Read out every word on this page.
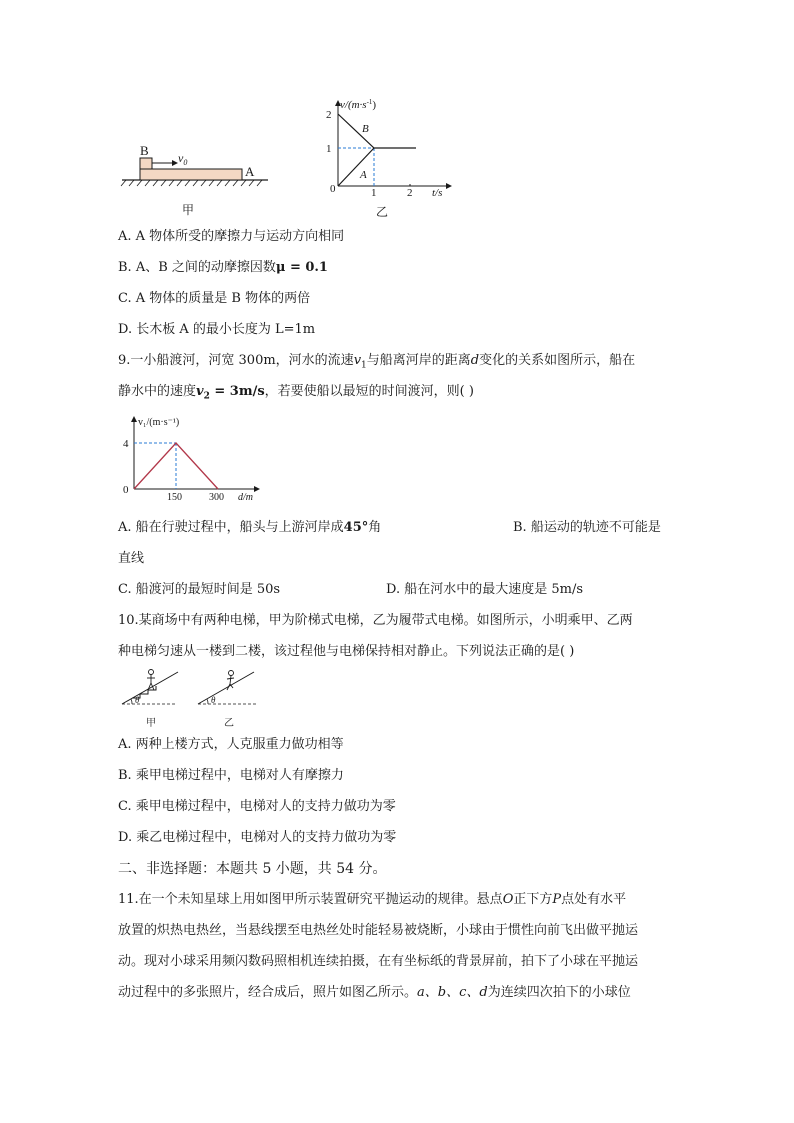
B $v_0$
A
甲
$v/(m\cdot s^{-1})$
2
1
0	1	2 t/s
B
A
乙
A. A 物体所受的摩擦力与运动方向相同
B. A、B 之间的动摩擦因数μ = 0.1
C. A 物体的质量是 B 物体的两倍
D. 长木板 A 的最小长度为 L=1m
9.一小船渡河，河宽 300m，河水的流速$v_1$与船离河岸的距离d变化的关系如图所示，船在
静水中的速度$v_2 = 3m/s$，若要使船以最短的时间渡河，则( )
v₁/(m·s⁻¹)
4
0
150	300 d/m
A. 船在行驶过程中，船头与上游河岸成45°角	B. 船运动的轨迹不可能是
直线
C. 船渡河的最短时间是 50s	D. 船在河水中的最大速度是 5m/s
10.某商场中有两种电梯，甲为阶梯式电梯，乙为履带式电梯。如图所示，小明乘甲、乙两
种电梯匀速从一楼到二楼，该过程他与电梯保持相对静止。下列说法正确的是( )
θ
甲
θ
乙
A. 两种上楼方式，人克服重力做功相等
B. 乘甲电梯过程中，电梯对人有摩擦力
C. 乘甲电梯过程中，电梯对人的支持力做功为零
D. 乘乙电梯过程中，电梯对人的支持力做功为零
二、非选择题：本题共 5 小题，共 54 分。
11.在一个未知星球上用如图甲所示装置研究平抛运动的规律。悬点O正下方P点处有水平
放置的炽热电热丝，当悬线摆至电热丝处时能轻易被烧断，小球由于惯性向前飞出做平抛运
动。现对小球采用频闪数码照相机连续拍摄，在有坐标纸的背景屏前，拍下了小球在平抛运
动过程中的多张照片，经合成后，照片如图乙所示。a、b、c、d为连续四次拍下的小球位
